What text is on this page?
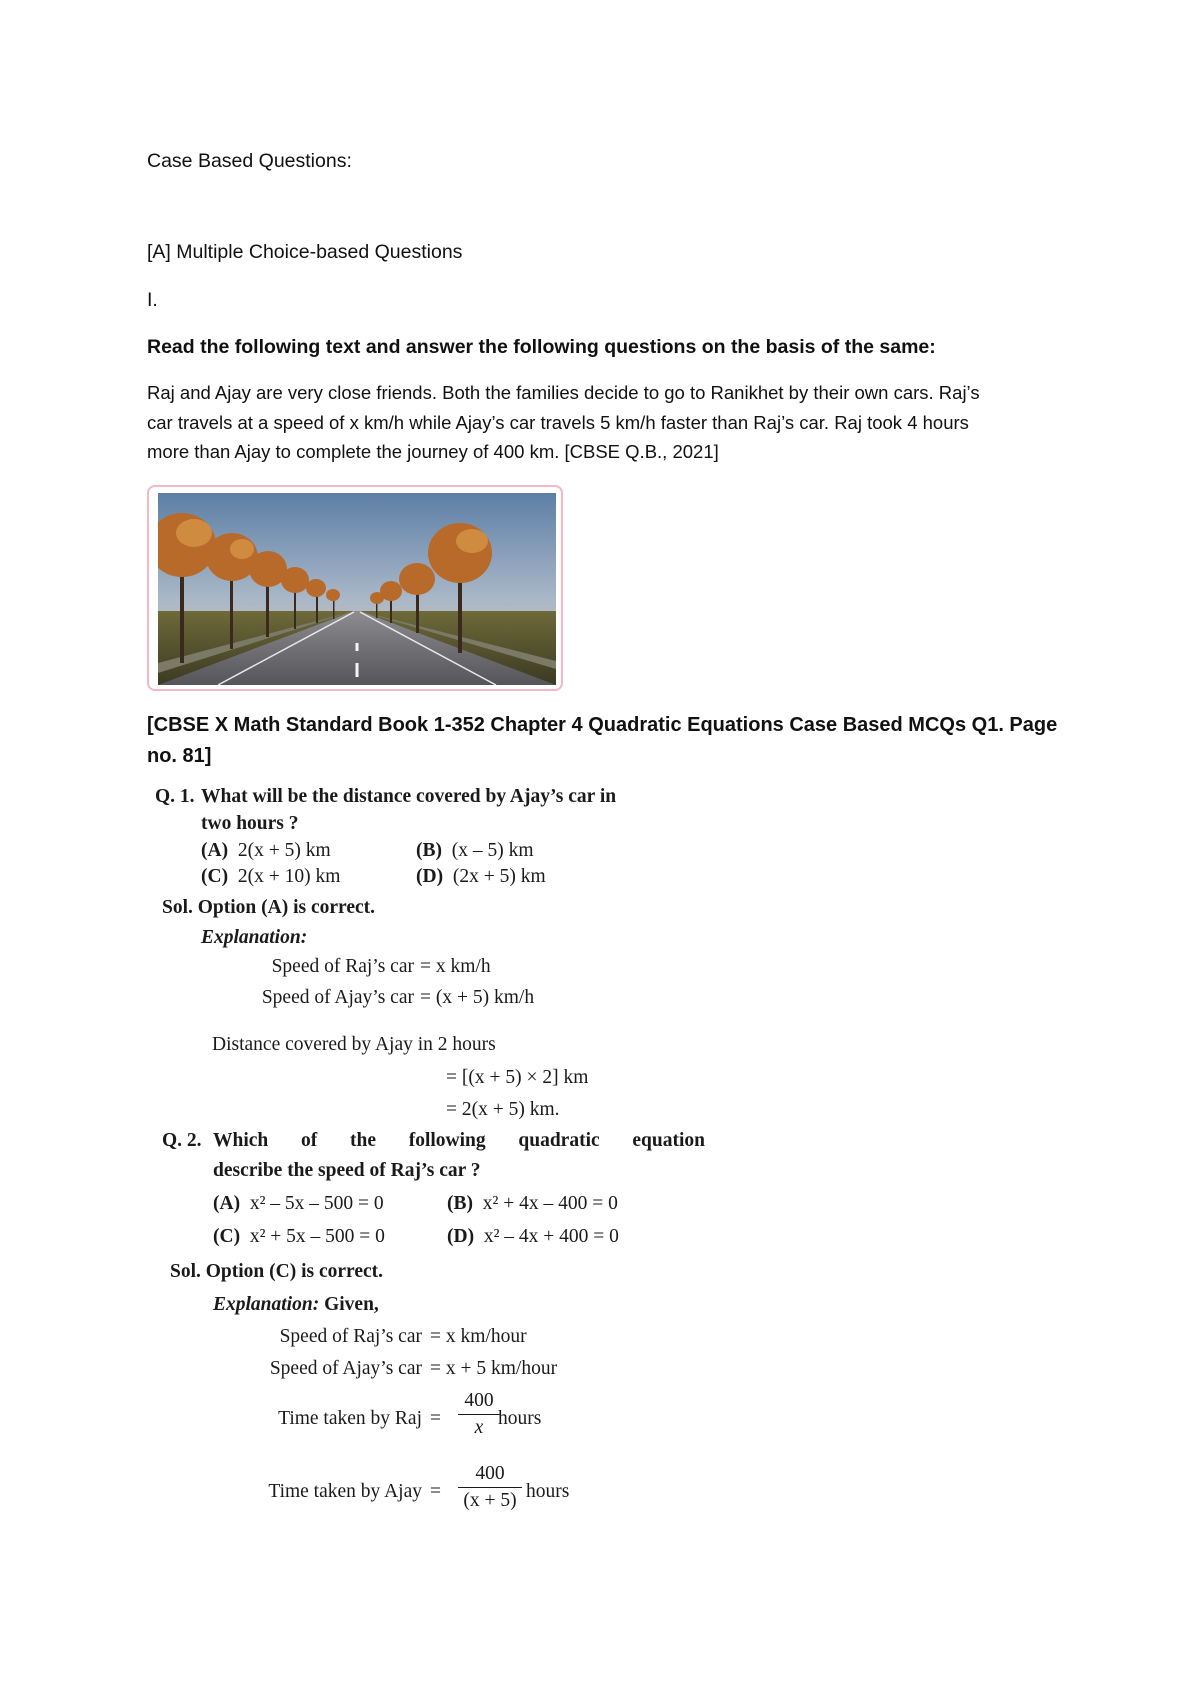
Case Based Questions:
[A] Multiple Choice-based Questions
I.
Read the following text and answer the following questions on the basis of the same:
Raj and Ajay are very close friends. Both the families decide to go to Ranikhet by their own cars. Raj’s
car travels at a speed of x km/h while Ajay’s car travels 5 km/h faster than Raj’s car. Raj took 4 hours
more than Ajay to complete the journey of 400 km. [CBSE Q.B., 2021]
[CBSE X Math Standard Book 1-352 Chapter 4 Quadratic Equations Case Based MCQs Q1. Page
no. 81]
Q. 1. What will be the distance covered by Ajay’s car in
two hours ?
(A) 2(x + 5) km	(B) (x – 5) km
(C) 2(x + 10) km	(D) (2x + 5) km
Sol. Option (A) is correct.
Explanation:
Speed of Raj’s car = x km/h
Speed of Ajay’s car = (x + 5) km/h
Distance covered by Ajay in 2 hours
= [(x + 5) × 2] km
= 2(x + 5) km.
Q. 2. Which of the following quadratic equation
describe the speed of Raj’s car ?
(A) x² – 5x – 500 = 0	(B) x² + 4x – 400 = 0
(C) x² + 5x – 500 = 0	(D) x² – 4x + 400 = 0
Sol. Option (C) is correct.
Explanation: Given,
Speed of Raj’s car = x km/hour
Speed of Ajay’s car = x + 5 km/hour
Time taken by Raj = $\frac{400}{x}$
hours
Time taken by Ajay = $\frac{400}{(x + 5)}$ hours
